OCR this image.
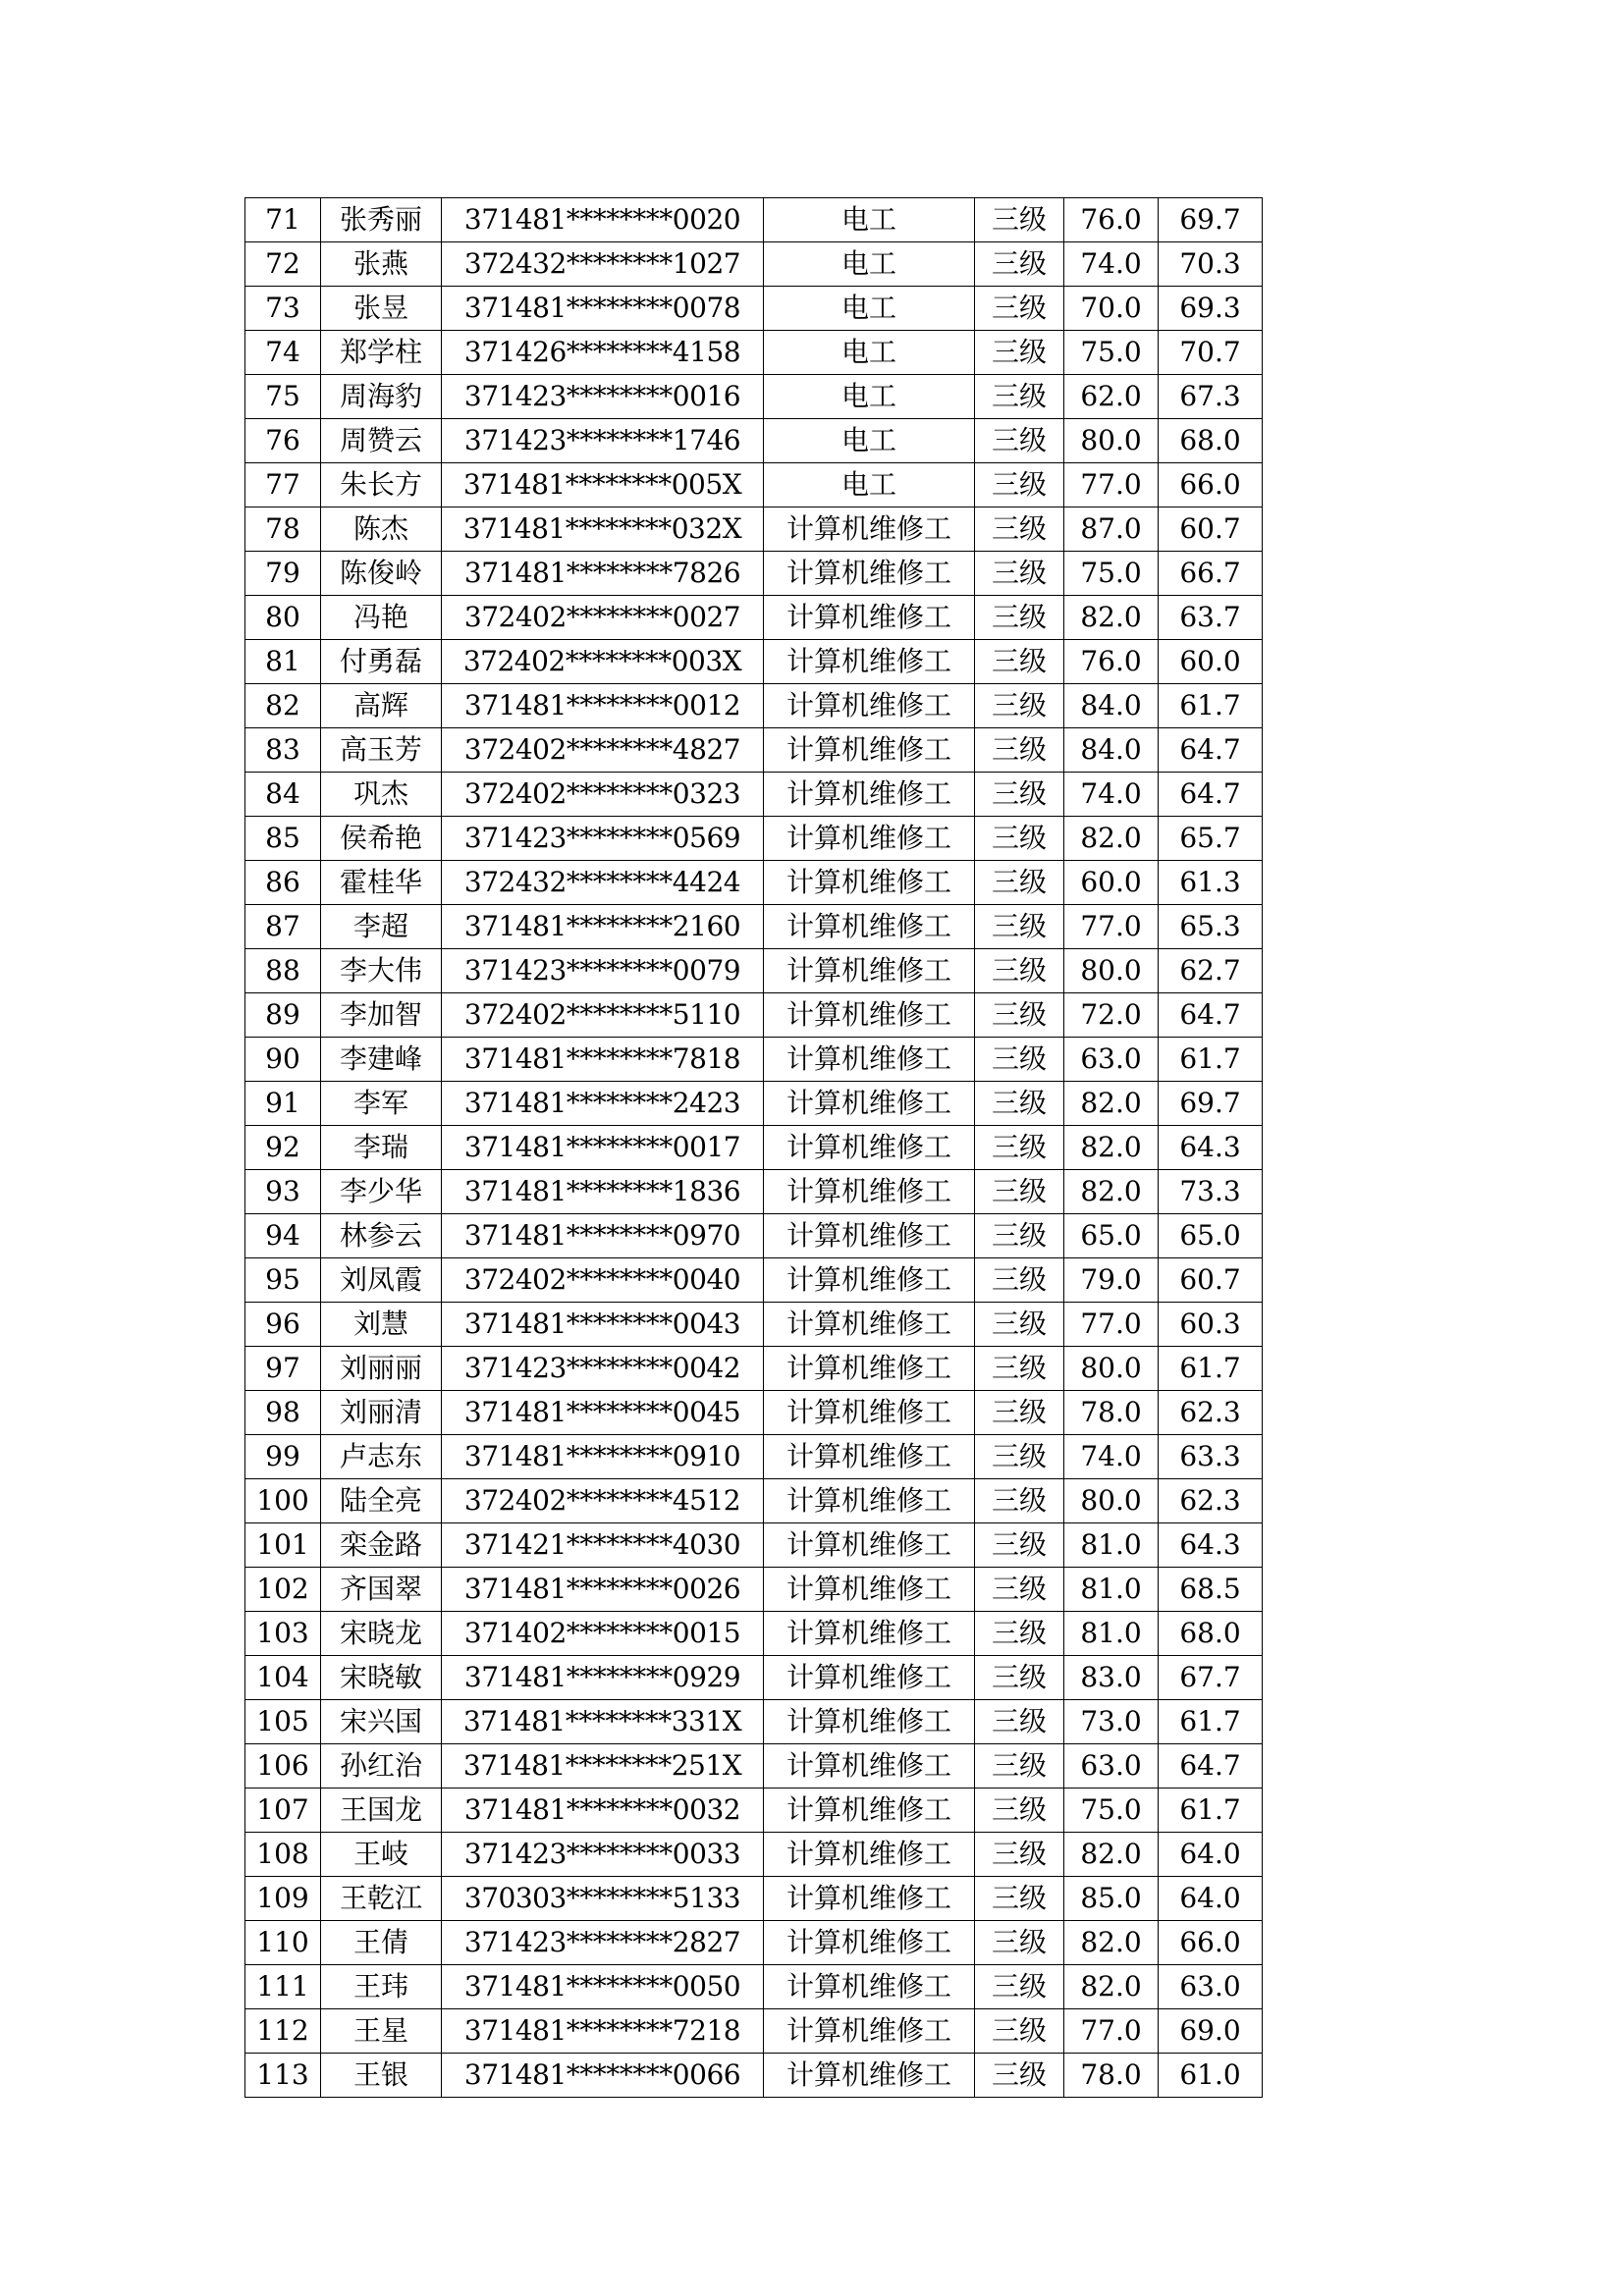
71	张秀丽	371481********0020	电工	三级	76.0	69.7
72	张燕	372432********1027	电工	三级	74.0	70.3
73	张昱	371481********0078	电工	三级	70.0	69.3
74	郑学柱	371426********4158	电工	三级	75.0	70.7
75	周海豹	371423********0016	电工	三级	62.0	67.3
76	周赞云	371423********1746	电工	三级	80.0	68.0
77	朱长方	371481********005X	电工	三级	77.0	66.0
78	陈杰	371481********032X	计算机维修工	三级	87.0	60.7
79	陈俊岭	371481********7826	计算机维修工	三级	75.0	66.7
80	冯艳	372402********0027	计算机维修工	三级	82.0	63.7
81	付勇磊	372402********003X	计算机维修工	三级	76.0	60.0
82	高辉	371481********0012	计算机维修工	三级	84.0	61.7
83	高玉芳	372402********4827	计算机维修工	三级	84.0	64.7
84	巩杰	372402********0323	计算机维修工	三级	74.0	64.7
85	侯希艳	371423********0569	计算机维修工	三级	82.0	65.7
86	霍桂华	372432********4424	计算机维修工	三级	60.0	61.3
87	李超	371481********2160	计算机维修工	三级	77.0	65.3
88	李大伟	371423********0079	计算机维修工	三级	80.0	62.7
89	李加智	372402********5110	计算机维修工	三级	72.0	64.7
90	李建峰	371481********7818	计算机维修工	三级	63.0	61.7
91	李军	371481********2423	计算机维修工	三级	82.0	69.7
92	李瑞	371481********0017	计算机维修工	三级	82.0	64.3
93	李少华	371481********1836	计算机维修工	三级	82.0	73.3
94	林参云	371481********0970	计算机维修工	三级	65.0	65.0
95	刘凤霞	372402********0040	计算机维修工	三级	79.0	60.7
96	刘慧	371481********0043	计算机维修工	三级	77.0	60.3
97	刘丽丽	371423********0042	计算机维修工	三级	80.0	61.7
98	刘丽清	371481********0045	计算机维修工	三级	78.0	62.3
99	卢志东	371481********0910	计算机维修工	三级	74.0	63.3
100	陆全亮	372402********4512	计算机维修工	三级	80.0	62.3
101	栾金路	371421********4030	计算机维修工	三级	81.0	64.3
102	齐国翠	371481********0026	计算机维修工	三级	81.0	68.5
103	宋晓龙	371402********0015	计算机维修工	三级	81.0	68.0
104	宋晓敏	371481********0929	计算机维修工	三级	83.0	67.7
105	宋兴国	371481********331X	计算机维修工	三级	73.0	61.7
106	孙红治	371481********251X	计算机维修工	三级	63.0	64.7
107	王国龙	371481********0032	计算机维修工	三级	75.0	61.7
108	王岐	371423********0033	计算机维修工	三级	82.0	64.0
109	王乾江	370303********5133	计算机维修工	三级	85.0	64.0
110	王倩	371423********2827	计算机维修工	三级	82.0	66.0
111	王玮	371481********0050	计算机维修工	三级	82.0	63.0
112	王星	371481********7218	计算机维修工	三级	77.0	69.0
113	王银	371481********0066	计算机维修工	三级	78.0	61.0
